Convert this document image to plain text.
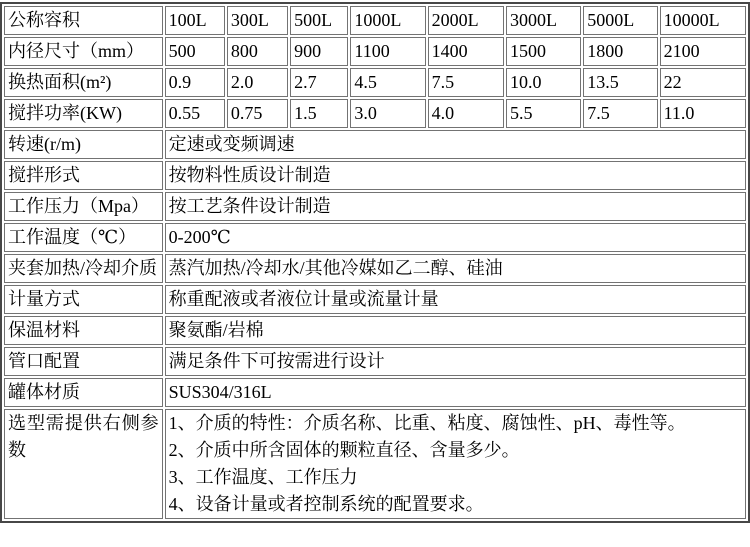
公称容积	100L	300L	500L	1000L	2000L	3000L	5000L	10000L
内径尺寸（mm）	500	800	900	1100	1400	1500	1800	2100
换热面积(m²)	0.9	2.0	2.7	4.5	7.5	10.0	13.5	22
搅拌功率(KW)	0.55	0.75	1.5	3.0	4.0	5.5	7.5	11.0
转速(r/m)	定速或变频调速							
搅拌形式	按物料性质设计制造							
工作压力（Mpa）	按工艺条件设计制造							
工作温度（℃）	0-200℃							
夹套加热/冷却介质	蒸汽加热/冷却水/其他冷媒如乙二醇、硅油							
计量方式	称重配液或者液位计量或流量计量							
保温材料	聚氨酯/岩棉							
管口配置	满足条件下可按需进行设计							
罐体材质	SUS304/316L							
选型需提供右侧参数	1、介质的特性：介质名称、比重、粘度、腐蚀性、pH、毒性等。
2、介质中所含固体的颗粒直径、含量多少。
3、工作温度、工作压力
4、设备计量或者控制系统的配置要求。							
